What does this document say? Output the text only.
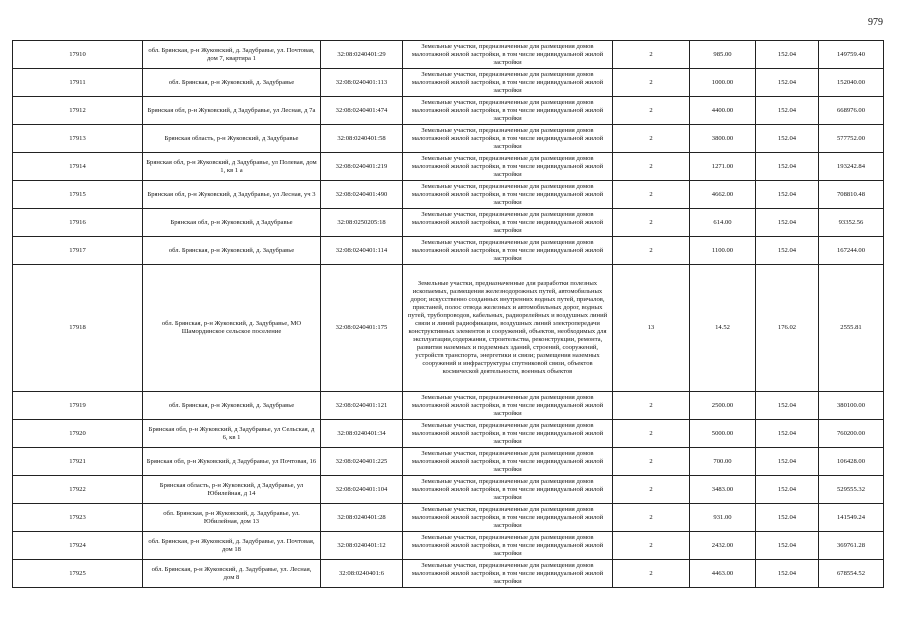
979
17910	обл. Брянская, р-н Жуковский, д. Задубравье, ул. Почтовая, дом 7, квартира 1	32:08:0240401:29	Земельные участки, предназначенные для размещения домов малоэтажной жилой застройки, в том числе индивидуальной жилой застройки	2	985.00	152.04	149759.40
17911	обл. Брянская, р-н Жуковский, д. Задубравье	32:08:0240401:113	Земельные участки, предназначенные для размещения домов малоэтажной жилой застройки, в том числе индивидуальной жилой застройки	2	1000.00	152.04	152040.00
17912	Брянская обл, р-н Жуковский, д Задубравье, ул Лесная, д 7а	32:08:0240401:474	Земельные участки, предназначенные для размещения домов малоэтажной жилой застройки, в том числе индивидуальной жилой застройки	2	4400.00	152.04	668976.00
17913	Брянская область, р-н Жуковский, д Задубравье	32:08:0240401:58	Земельные участки, предназначенные для размещения домов малоэтажной жилой застройки, в том числе индивидуальной жилой застройки	2	3800.00	152.04	577752.00
17914	Брянская обл, р-н Жуковский, д Задубравье, ул Полевая, дом 1, кв 1 а	32:08:0240401:219	Земельные участки, предназначенные для размещения домов малоэтажной жилой застройки, в том числе индивидуальной жилой застройки	2	1271.00	152.04	193242.84
17915	Брянская обл, р-н Жуковский, д Задубравье, ул Лесная, уч 3	32:08:0240401:490	Земельные участки, предназначенные для размещения домов малоэтажной жилой застройки, в том числе индивидуальной жилой застройки	2	4662.00	152.04	708810.48
17916	Брянская обл, р-н Жуковский, д Задубравье	32:08:0250205:18	Земельные участки, предназначенные для размещения домов малоэтажной жилой застройки, в том числе индивидуальной жилой застройки	2	614.00	152.04	93352.56
17917	обл. Брянская, р-н Жуковский, д. Задубравье	32:08:0240401:114	Земельные участки, предназначенные для размещения домов малоэтажной жилой застройки, в том числе индивидуальной жилой застройки	2	1100.00	152.04	167244.00
17918	обл. Брянская, р-н Жуковский, д. Задубравье, МО Шамординское сельское поселение	32:08:0240401:175	Земельные участки, предназначенные для разработки полезных ископаемых, размещения железнодорожных путей, автомобильных дорог, искусственно созданных внутренних водных путей, причалов, пристаней, полос отвода железных и автомобильных дорог, водных путей, трубопроводов, кабельных, радиорелейных и воздушных линий связи и линий радиофикации, воздушных линий электропередачи конструктивных элементов и сооружений, объектов, необходимых для эксплуатации,содержания, строительства, реконструкции, ремонта, развития наземных и подземных зданий, строений, сооружений, устройств транспорта, энергетики и связи; размещения наземных сооружений и инфраструктуры спутниковой связи, объектов космической деятельности, военных объектов	13	14.52	176.02	2555.81
17919	обл. Брянская, р-н Жуковский, д. Задубравье	32:08:0240401:121	Земельные участки, предназначенные для размещения домов малоэтажной жилой застройки, в том числе индивидуальной жилой застройки	2	2500.00	152.04	380100.00
17920	Брянская обл, р-н Жуковский, д Задубравье, ул Сельская, д 6, кв 1	32:08:0240401:34	Земельные участки, предназначенные для размещения домов малоэтажной жилой застройки, в том числе индивидуальной жилой застройки	2	5000.00	152.04	760200.00
17921	Брянская обл, р-н Жуковский, д Задубравье, ул Почтовая, 16	32:08:0240401:225	Земельные участки, предназначенные для размещения домов малоэтажной жилой застройки, в том числе индивидуальной жилой застройки	2	700.00	152.04	106428.00
17922	Брянская область, р-н Жуковский, д Задубравье, ул Юбилейная, д 14	32:08:0240401:104	Земельные участки, предназначенные для размещения домов малоэтажной жилой застройки, в том числе индивидуальной жилой застройки	2	3483.00	152.04	529555.32
17923	обл. Брянская, р-н Жуковский, д. Задубравье, ул. Юбилейная, дом 13	32:08:0240401:28	Земельные участки, предназначенные для размещения домов малоэтажной жилой застройки, в том числе индивидуальной жилой застройки	2	931.00	152.04	141549.24
17924	обл. Брянская, р-н Жуковский, д. Задубравье, ул. Почтовая, дом 18	32:08:0240401:12	Земельные участки, предназначенные для размещения домов малоэтажной жилой застройки, в том числе индивидуальной жилой застройки	2	2432.00	152.04	369761.28
17925	обл. Брянская, р-н Жуковский, д. Задубравье, ул. Лесная, дом 8	32:08:0240401:6	Земельные участки, предназначенные для размещения домов малоэтажной жилой застройки, в том числе индивидуальной жилой застройки	2	4463.00	152.04	678554.52
